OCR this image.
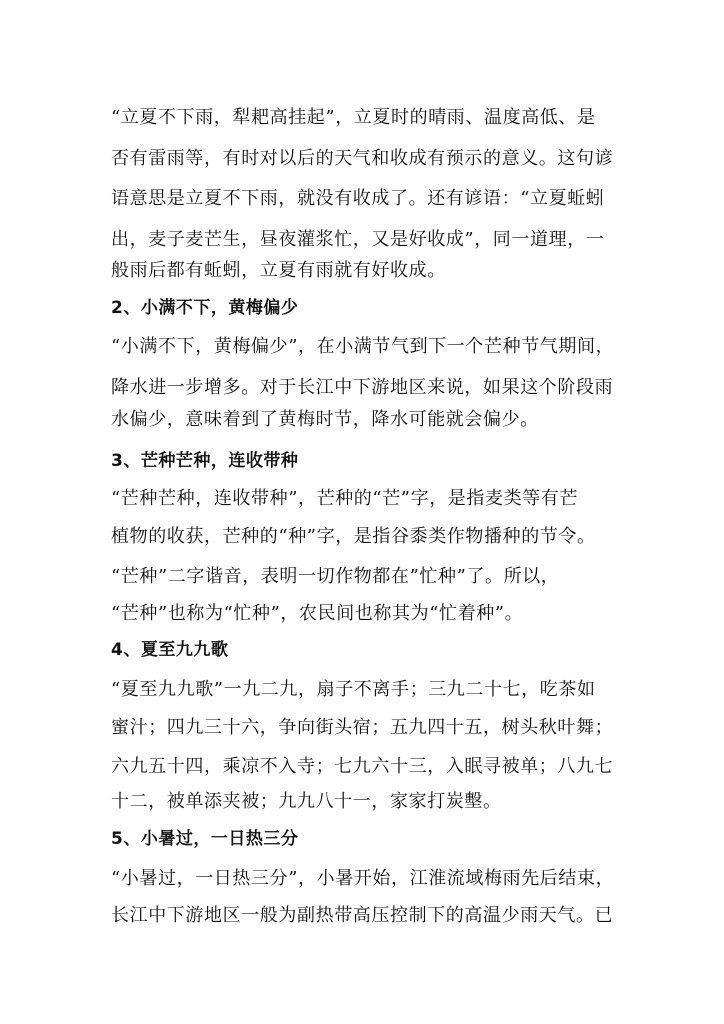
“立夏不下雨，犁耙高挂起”，立夏时的晴雨、温度高低、是
否有雷雨等，有时对以后的天气和收成有预示的意义。这句谚
语意思是立夏不下雨，就没有收成了。还有谚语：“立夏蚯蚓
出，麦子麦芒生，昼夜灌浆忙，又是好收成”，同一道理，一
般雨后都有蚯蚓，立夏有雨就有好收成。
2、小满不下，黄梅偏少
“小满不下，黄梅偏少”，在小满节气到下一个芒种节气期间，
降水进一步增多。对于长江中下游地区来说，如果这个阶段雨
水偏少，意味着到了黄梅时节，降水可能就会偏少。
3、芒种芒种，连收带种
“芒种芒种，连收带种”，芒种的“芒”字，是指麦类等有芒
植物的收获，芒种的“种”字，是指谷黍类作物播种的节令。
“芒种”二字谐音，表明一切作物都在”忙种”了。所以，
“芒种”也称为“忙种”，农民间也称其为“忙着种”。
4、夏至九九歌
“夏至九九歌”一九二九，扇子不离手；三九二十七，吃茶如
蜜汁；四九三十六，争向街头宿；五九四十五，树头秋叶舞；
六九五十四，乘凉不入寺；七九六十三，入眠寻被单；八九七
十二，被单添夹被；九九八十一，家家打炭墼。
5、小暑过，一日热三分
“小暑过，一日热三分”，小暑开始，江淮流域梅雨先后结束，
长江中下游地区一般为副热带高压控制下的高温少雨天气。已
